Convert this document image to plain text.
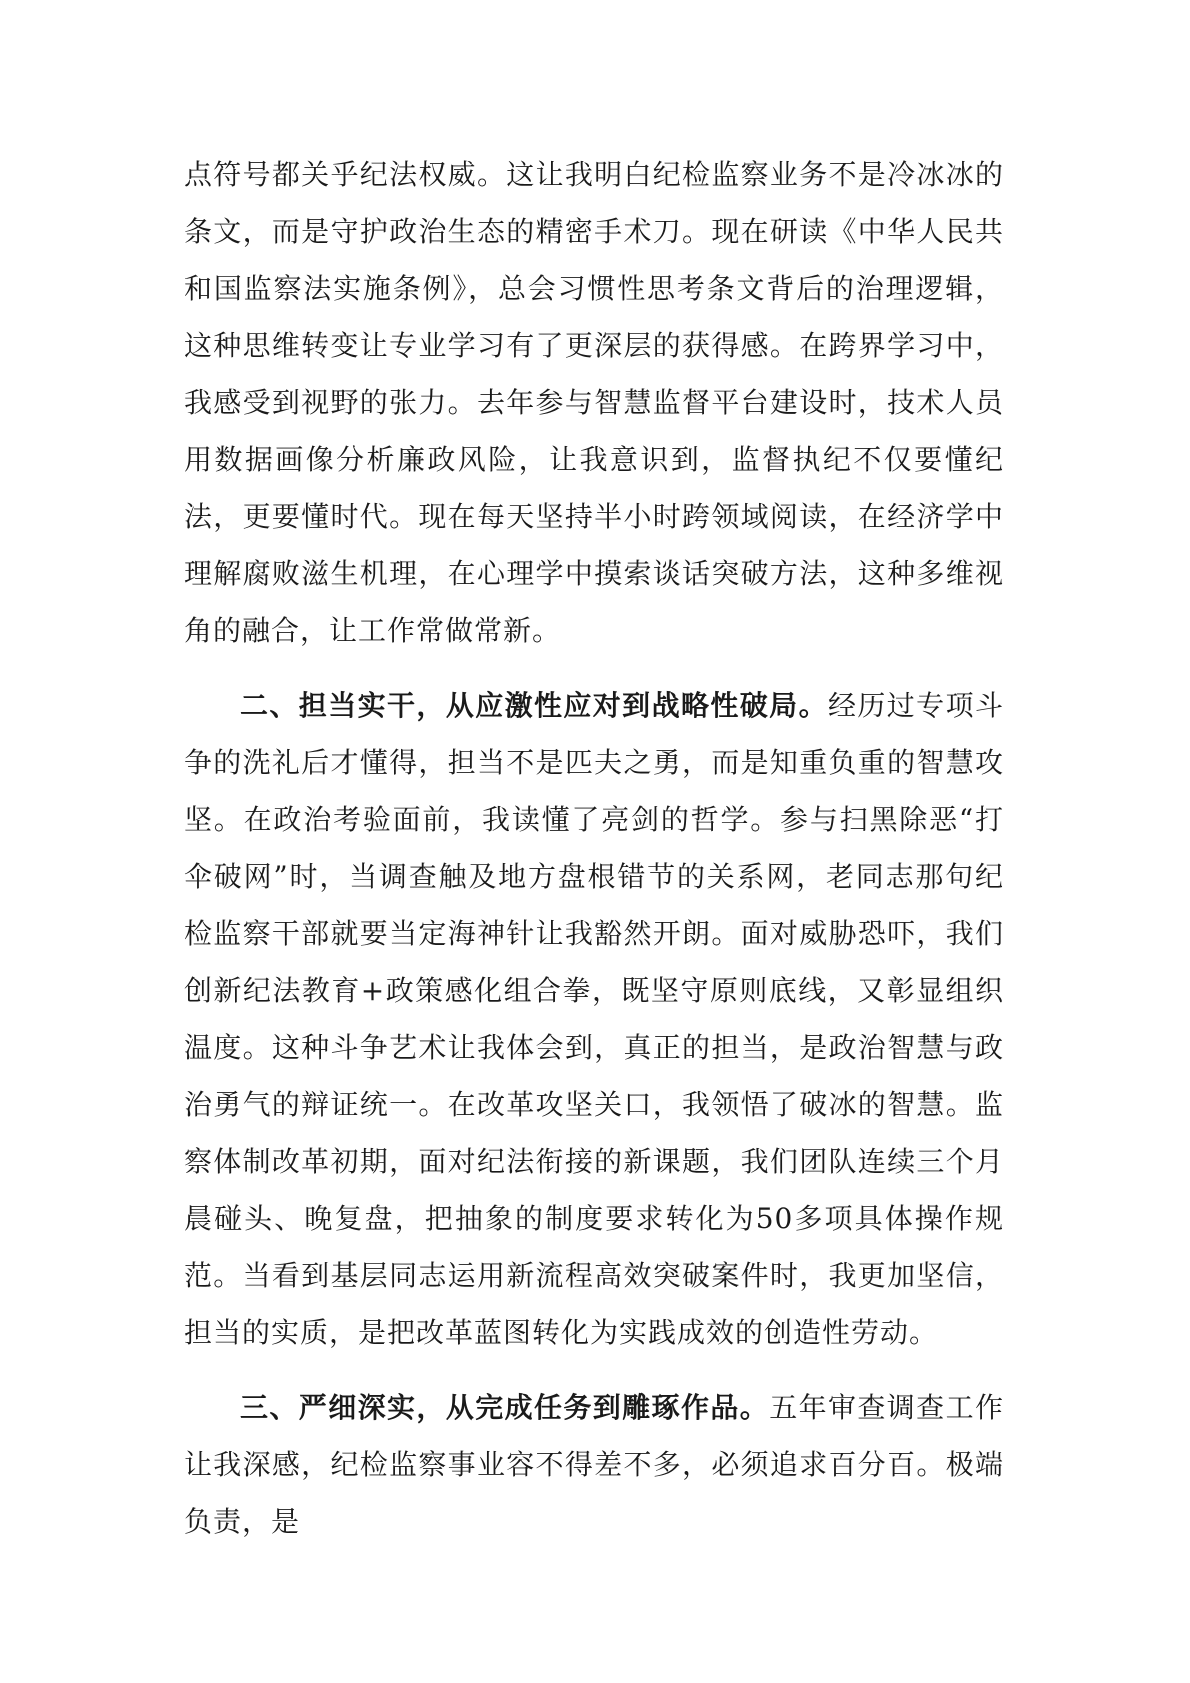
点符号都关乎纪法权威。这让我明白纪检监察业务不是冷冰冰的条文，而是守护政治生态的精密手术刀。现在研读《中华人民共和国监察法实施条例》，总会习惯性思考条文背后的治理逻辑，这种思维转变让专业学习有了更深层的获得感。在跨界学习中，我感受到视野的张力。去年参与智慧监督平台建设时，技术人员用数据画像分析廉政风险，让我意识到，监督执纪不仅要懂纪法，更要懂时代。现在每天坚持半小时跨领域阅读，在经济学中理解腐败滋生机理，在心理学中摸索谈话突破方法，这种多维视角的融合，让工作常做常新。

二、担当实干，从应激性应对到战略性破局。经历过专项斗争的洗礼后才懂得，担当不是匹夫之勇，而是知重负重的智慧攻坚。在政治考验面前，我读懂了亮剑的哲学。参与扫黑除恶“打伞破网”时，当调查触及地方盘根错节的关系网，老同志那句纪检监察干部就要当定海神针让我豁然开朗。面对威胁恐吓，我们创新纪法教育+政策感化组合拳，既坚守原则底线，又彰显组织温度。这种斗争艺术让我体会到，真正的担当，是政治智慧与政治勇气的辩证统一。在改革攻坚关口，我领悟了破冰的智慧。监察体制改革初期，面对纪法衔接的新课题，我们团队连续三个月晨碰头、晚复盘，把抽象的制度要求转化为50多项具体操作规范。当看到基层同志运用新流程高效突破案件时，我更加坚信，担当的实质，是把改革蓝图转化为实践成效的创造性劳动。

三、严细深实，从完成任务到雕琢作品。五年审查调查工作让我深感，纪检监察事业容不得差不多，必须追求百分百。极端负责，是
